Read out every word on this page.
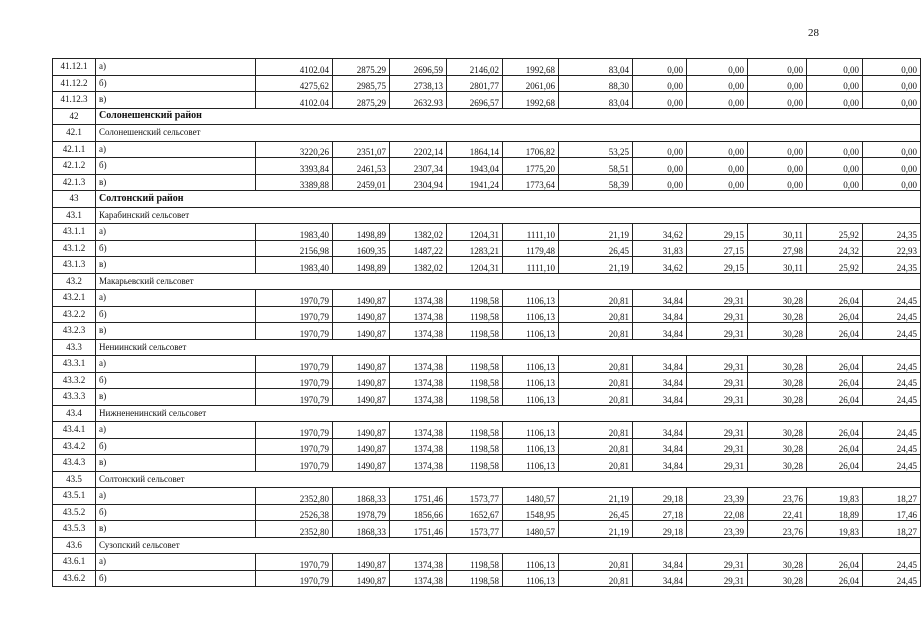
28
41.12.1	а)	4102.04	2875.29	2696,59	2146,02	1992,68	83,04	0,00	0,00	0,00	0,00	0,00
41.12.2	б)	4275,62	2985,75	2738,13	2801,77	2061,06	88,30	0,00	0,00	0,00	0,00	0,00
41.12.3	в)	4102.04	2875,29	2632.93	2696,57	1992,68	83,04	0,00	0,00	0,00	0,00	0,00
42	Солонешенский район											
42.1	Солонешенский сельсовет											
42.1.1	а)	3220,26	2351,07	2202,14	1864,14	1706,82	53,25	0,00	0,00	0,00	0,00	0,00
42.1.2	б)	3393,84	2461,53	2307,34	1943,04	1775,20	58,51	0,00	0,00	0,00	0,00	0,00
42.1.3	в)	3389,88	2459,01	2304,94	1941,24	1773,64	58,39	0,00	0,00	0,00	0,00	0,00
43	Солтонский район											
43.1	Карабинский сельсовет											
43.1.1	а)	1983,40	1498,89	1382,02	1204,31	1111,10	21,19	34,62	29,15	30,11	25,92	24,35
43.1.2	б)	2156,98	1609,35	1487,22	1283,21	1179,48	26,45	31,83	27,15	27,98	24,32	22,93
43.1.3	в)	1983,40	1498,89	1382,02	1204,31	1111,10	21,19	34,62	29,15	30,11	25,92	24,35
43.2	Макарьевский сельсовет											
43.2.1	а)	1970,79	1490,87	1374,38	1198,58	1106,13	20,81	34,84	29,31	30,28	26,04	24,45
43.2.2	б)	1970,79	1490,87	1374,38	1198,58	1106,13	20,81	34,84	29,31	30,28	26,04	24,45
43.2.3	в)	1970,79	1490,87	1374,38	1198,58	1106,13	20,81	34,84	29,31	30,28	26,04	24,45
43.3	Нениинский сельсовет											
43.3.1	а)	1970,79	1490,87	1374,38	1198,58	1106,13	20,81	34,84	29,31	30,28	26,04	24,45
43.3.2	б)	1970,79	1490,87	1374,38	1198,58	1106,13	20,81	34,84	29,31	30,28	26,04	24,45
43.3.3	в)	1970,79	1490,87	1374,38	1198,58	1106,13	20,81	34,84	29,31	30,28	26,04	24,45
43.4	Нижнененинский сельсовет											
43.4.1	а)	1970,79	1490,87	1374,38	1198,58	1106,13	20,81	34,84	29,31	30,28	26,04	24,45
43.4.2	б)	1970,79	1490,87	1374,38	1198,58	1106,13	20,81	34,84	29,31	30,28	26,04	24,45
43.4.3	в)	1970,79	1490,87	1374,38	1198,58	1106,13	20,81	34,84	29,31	30,28	26,04	24,45
43.5	Солтонский сельсовет											
43.5.1	а)	2352,80	1868,33	1751,46	1573,77	1480,57	21,19	29,18	23,39	23,76	19,83	18,27
43.5.2	б)	2526,38	1978,79	1856,66	1652,67	1548,95	26,45	27,18	22,08	22,41	18,89	17,46
43.5.3	в)	2352,80	1868,33	1751,46	1573,77	1480,57	21,19	29,18	23,39	23,76	19,83	18,27
43.6	Сузопский сельсовет											
43.6.1	а)	1970,79	1490,87	1374,38	1198,58	1106,13	20,81	34,84	29,31	30,28	26,04	24,45
43.6.2	б)	1970,79	1490,87	1374,38	1198,58	1106,13	20,81	34,84	29,31	30,28	26,04	24,45
